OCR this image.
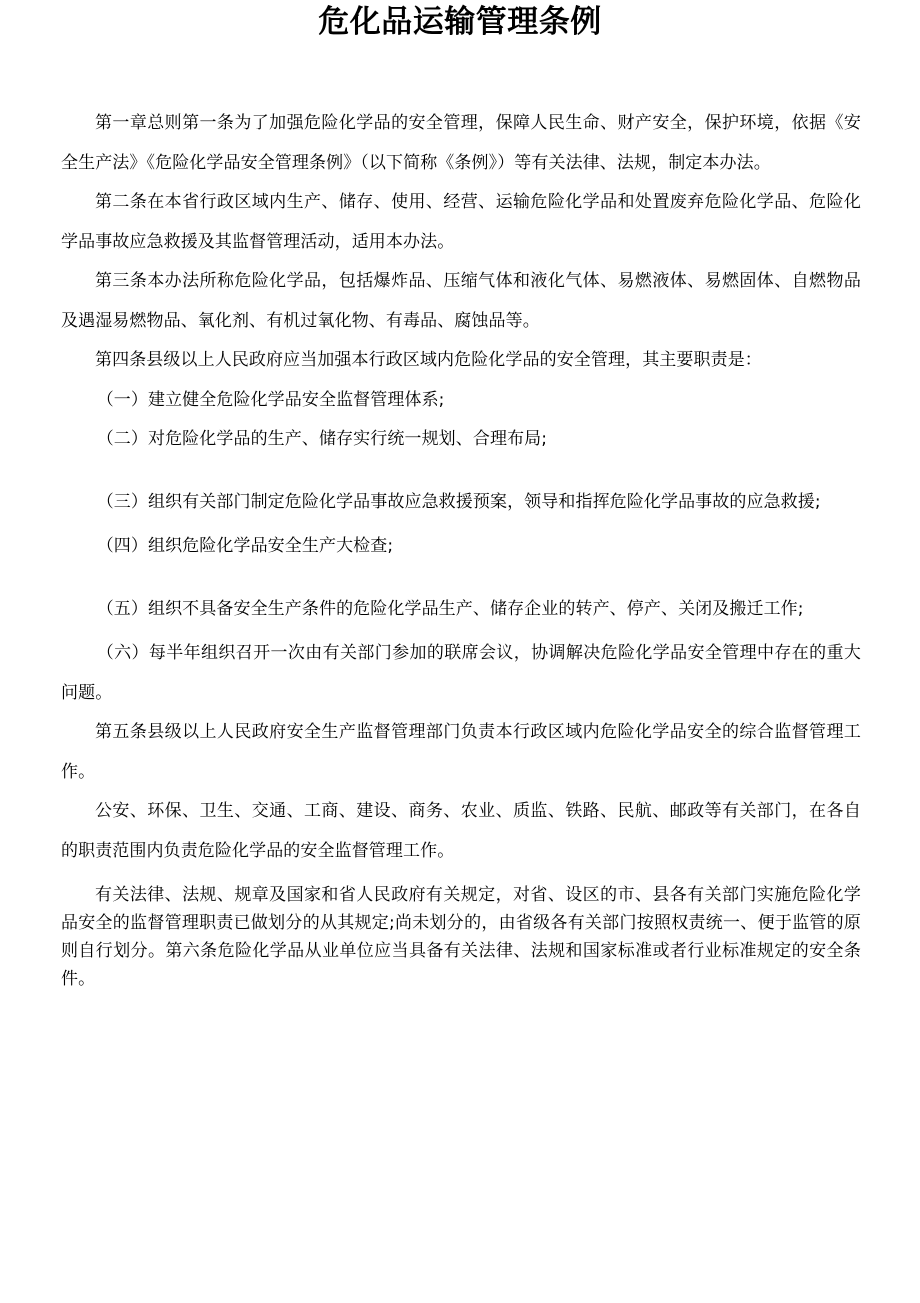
危化品运输管理条例

第一章总则第一条为了加强危险化学品的安全管理，保障人民生命、财产安全，保护环境，依据《安全生产法》《危险化学品安全管理条例》（以下简称《条例》）等有关法律、法规，制定本办法。

第二条在本省行政区域内生产、储存、使用、经营、运输危险化学品和处置废弃危险化学品、危险化学品事故应急救援及其监督管理活动，适用本办法。

第三条本办法所称危险化学品，包括爆炸品、压缩气体和液化气体、易燃液体、易燃固体、自燃物品及遇湿易燃物品、氧化剂、有机过氧化物、有毒品、腐蚀品等。

第四条县级以上人民政府应当加强本行政区域内危险化学品的安全管理，其主要职责是：

（一）建立健全危险化学品安全监督管理体系;

（二）对危险化学品的生产、储存实行统一规划、合理布局;

（三）组织有关部门制定危险化学品事故应急救援预案，领导和指挥危险化学品事故的应急救援;

（四）组织危险化学品安全生产大检查;

（五）组织不具备安全生产条件的危险化学品生产、储存企业的转产、停产、关闭及搬迁工作;

（六）每半年组织召开一次由有关部门参加的联席会议，协调解决危险化学品安全管理中存在的重大问题。

第五条县级以上人民政府安全生产监督管理部门负责本行政区域内危险化学品安全的综合监督管理工作。

公安、环保、卫生、交通、工商、建设、商务、农业、质监、铁路、民航、邮政等有关部门，在各自的职责范围内负责危险化学品的安全监督管理工作。

有关法律、法规、规章及国家和省人民政府有关规定，对省、设区的市、县各有关部门实施危险化学品安全的监督管理职责已做划分的从其规定;尚未划分的，由省级各有关部门按照权责统一、便于监管的原则自行划分。第六条危险化学品从业单位应当具备有关法律、法规和国家标准或者行业标准规定的安全条件。
